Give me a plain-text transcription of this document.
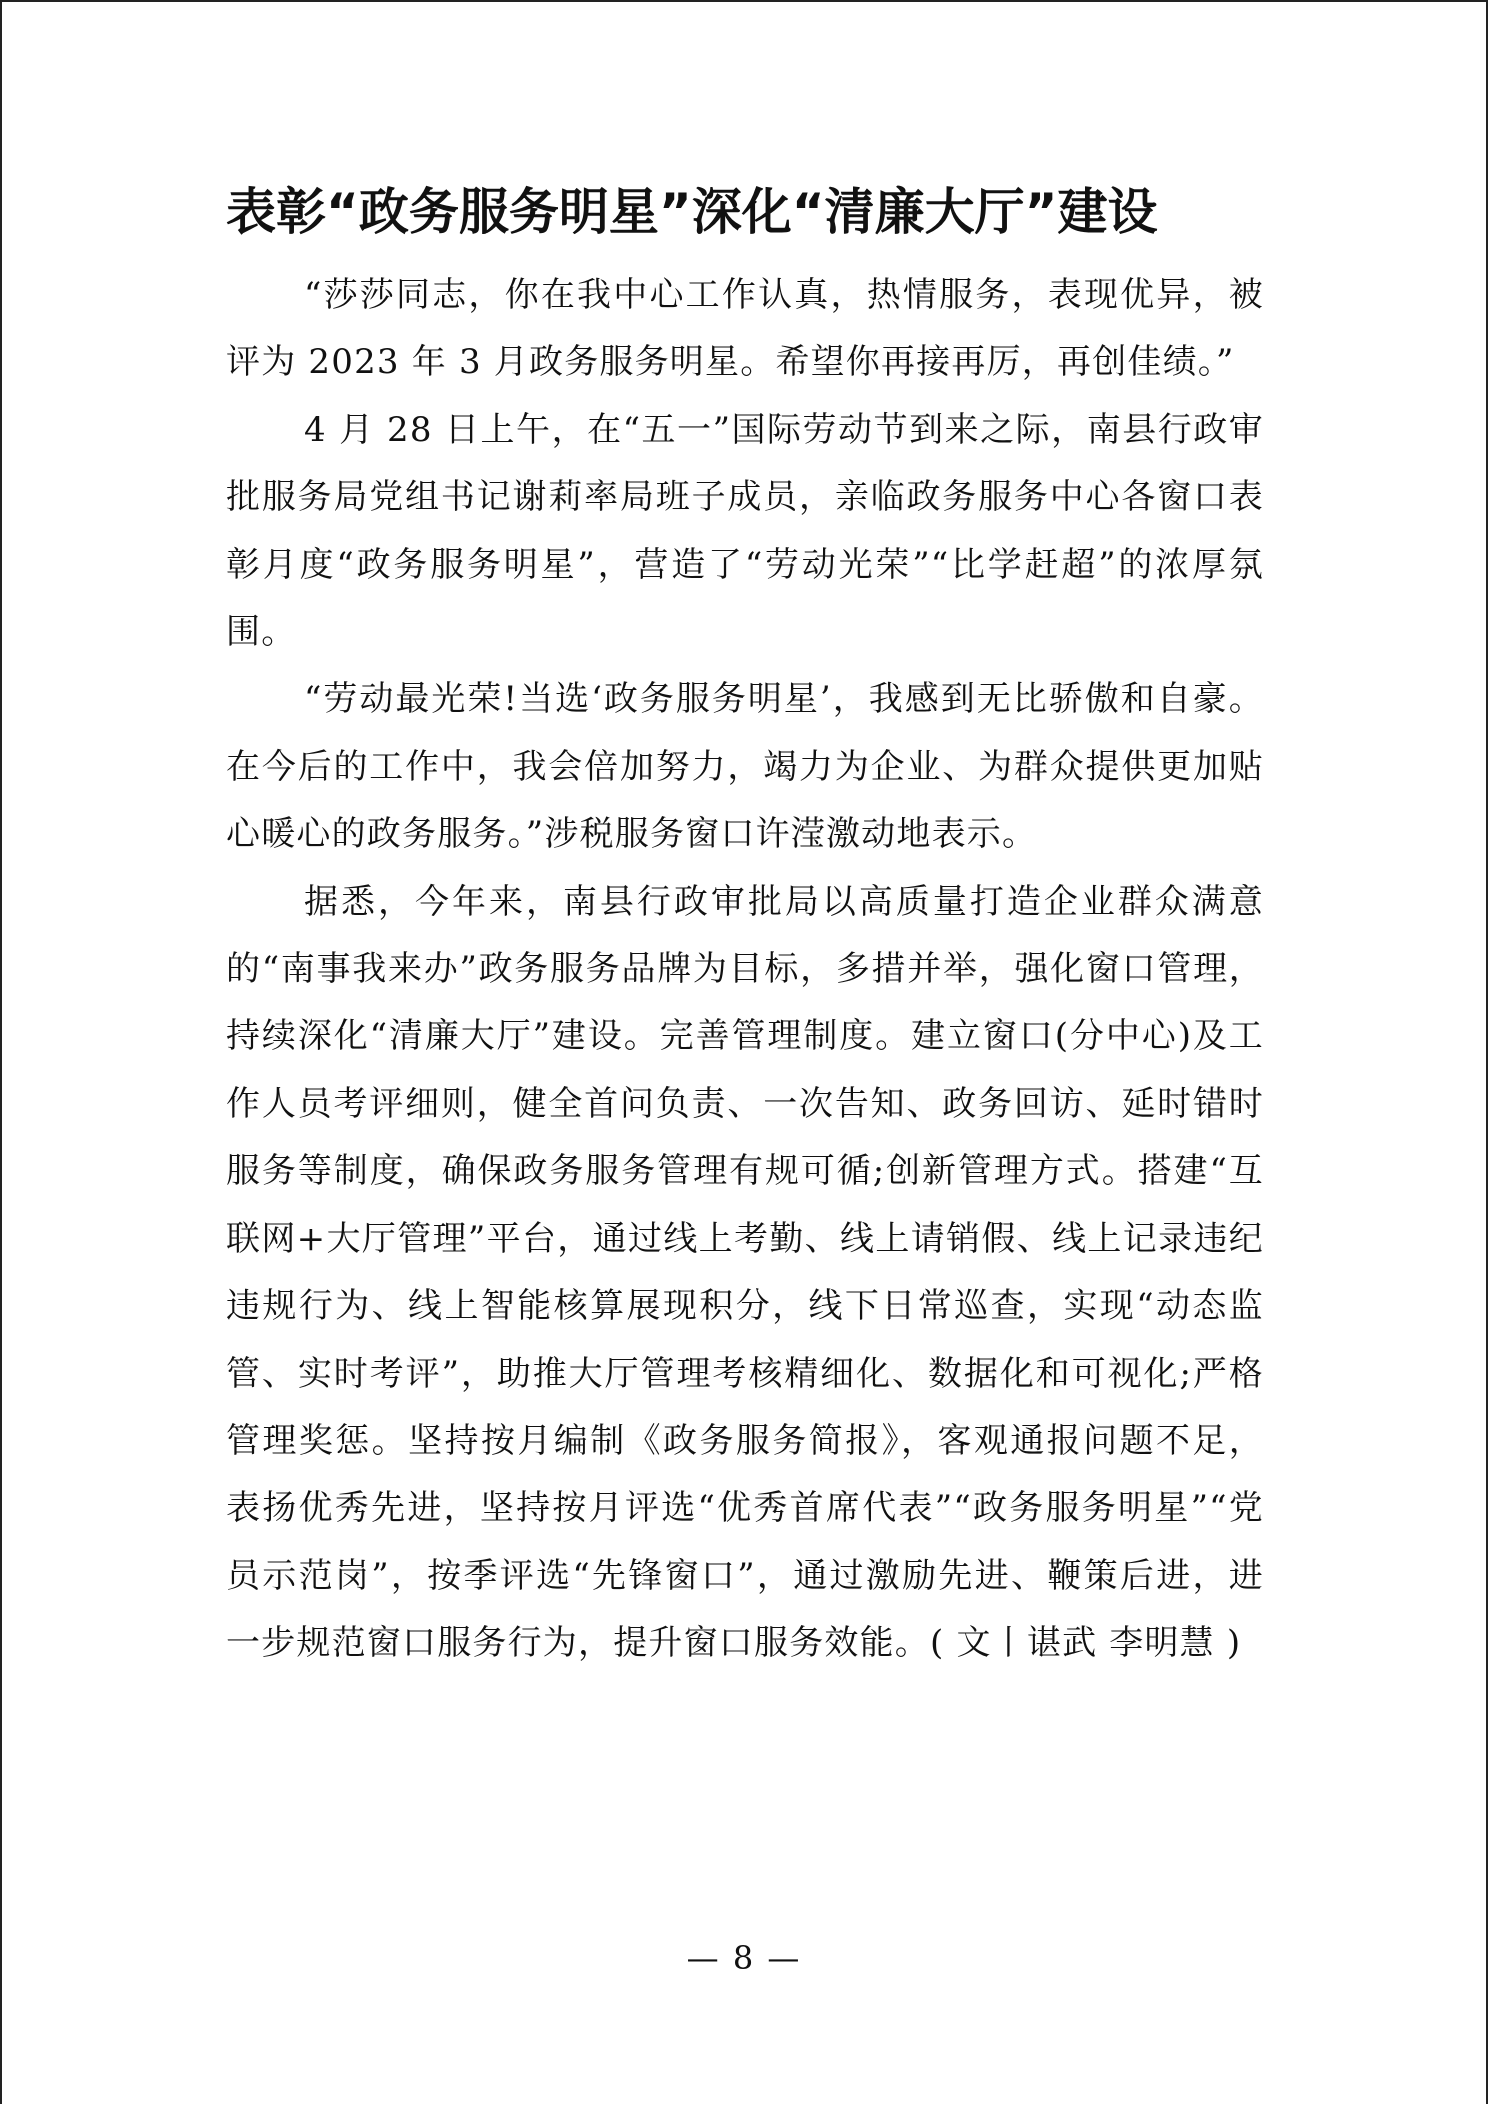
表彰“政务服务明星”深化“清廉大厅”建设

“莎莎同志，你在我中心工作认真，热情服务，表现优异，被评为 2023 年 3 月政务服务明星。希望你再接再厉，再创佳绩。”

4 月 28 日上午，在“五一”国际劳动节到来之际，南县行政审批服务局党组书记谢莉率局班子成员，亲临政务服务中心各窗口表彰月度“政务服务明星”，营造了“劳动光荣”“比学赶超”的浓厚氛围。

“劳动最光荣!当选‘政务服务明星’，我感到无比骄傲和自豪。在今后的工作中，我会倍加努力，竭力为企业、为群众提供更加贴心暖心的政务服务。”涉税服务窗口许滢激动地表示。

据悉，今年来，南县行政审批局以高质量打造企业群众满意的“南事我来办”政务服务品牌为目标，多措并举，强化窗口管理，持续深化“清廉大厅”建设。完善管理制度。建立窗口(分中心)及工作人员考评细则，健全首问负责、一次告知、政务回访、延时错时服务等制度，确保政务服务管理有规可循;创新管理方式。搭建“互联网+大厅管理”平台，通过线上考勤、线上请销假、线上记录违纪违规行为、线上智能核算展现积分，线下日常巡查，实现“动态监管、实时考评”，助推大厅管理考核精细化、数据化和可视化;严格管理奖惩。坚持按月编制《政务服务简报》，客观通报问题不足，表扬优秀先进，坚持按月评选“优秀首席代表”“政务服务明星”“党员示范岗”，按季评选“先锋窗口”，通过激励先进、鞭策后进，进一步规范窗口服务行为，提升窗口服务效能。( 文丨谌武 李明慧 )

— 8 —
